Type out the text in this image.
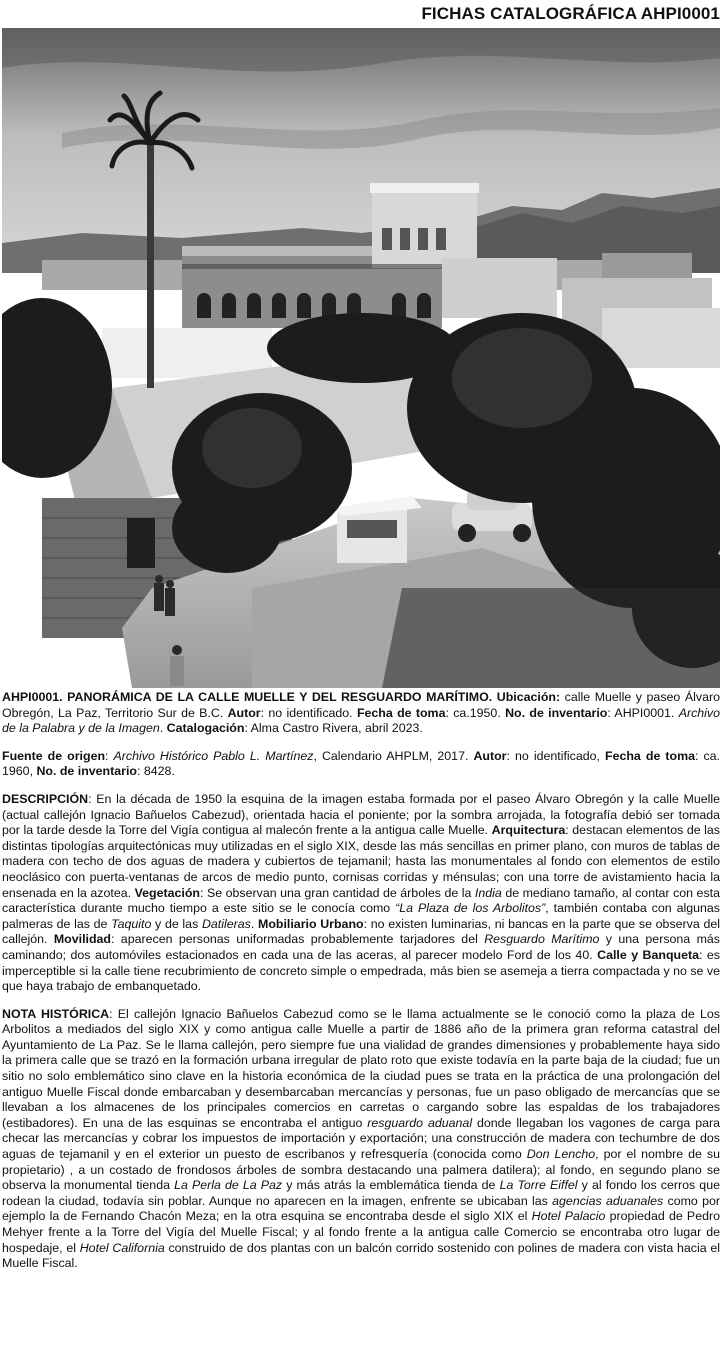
FICHAS CATALOGRÁFICA AHPI0001

AHPI0001. PANORÁMICA DE LA CALLE MUELLE Y DEL RESGUARDO MARÍTIMO. Ubicación: calle Muelle y paseo Álvaro Obregón, La Paz, Territorio Sur de B.C. Autor: no identificado. Fecha de toma: ca.1950. No. de inventario: AHPI0001. Archivo de la Palabra y de la Imagen. Catalogación: Alma Castro Rivera, abril 2023.

Fuente de origen: Archivo Histórico Pablo L. Martínez, Calendario AHPLM, 2017. Autor: no identificado, Fecha de toma: ca. 1960, No. de inventario: 8428.

DESCRIPCIÓN: En la década de 1950 la esquina de la imagen estaba formada por el paseo Álvaro Obregón y la calle Muelle (actual callejón Ignacio Bañuelos Cabezud), orientada hacia el poniente; por la sombra arrojada, la fotografía debió ser tomada por la tarde desde la Torre del Vigía contigua al malecón frente a la antigua calle Muelle. Arquitectura: destacan elementos de las distintas tipologías arquitectónicas muy utilizadas en el siglo XIX, desde las más sencillas en primer plano, con muros de tablas de madera con techo de dos aguas de madera y cubiertos de tejamanil; hasta las monumentales al fondo con elementos de estilo neoclásico con puerta-ventanas de arcos de medio punto, cornisas corridas y ménsulas; con una torre de avistamiento hacia la ensenada en la azotea. Vegetación: Se observan una gran cantidad de árboles de la India de mediano tamaño, al contar con esta característica durante mucho tiempo a este sitio se le conocía como “La Plaza de los Arbolitos”, también contaba con algunas palmeras de las de Taquito y de las Datileras. Mobiliario Urbano: no existen luminarias, ni bancas en la parte que se observa del callejón. Movilidad: aparecen personas uniformadas probablemente tarjadores del Resguardo Marítimo y una persona más caminando; dos automóviles estacionados en cada una de las aceras, al parecer modelo Ford de los 40. Calle y Banqueta: es imperceptible si la calle tiene recubrimiento de concreto simple o empedrada, más bien se asemeja a tierra compactada y no se ve que haya trabajo de embanquetado.

NOTA HISTÓRICA: El callejón Ignacio Bañuelos Cabezud como se le llama actualmente se le conoció como la plaza de Los Arbolitos a mediados del siglo XIX y como antigua calle Muelle a partir de 1886 año de la primera gran reforma catastral del Ayuntamiento de La Paz. Se le llama callejón, pero siempre fue una vialidad de grandes dimensiones y probablemente haya sido la primera calle que se trazó en la formación urbana irregular de plato roto que existe todavía en la parte baja de la ciudad; fue un sitio no solo emblemático sino clave en la historia económica de la ciudad pues se trata en la práctica de una prolongación del antiguo Muelle Fiscal donde embarcaban y desembarcaban mercancías y personas, fue un paso obligado de mercancías que se llevaban a los almacenes de los principales comercios en carretas o cargando sobre las espaldas de los trabajadores (estibadores). En una de las esquinas se encontraba el antiguo resguardo aduanal donde llegaban los vagones de carga para checar las mercancías y cobrar los impuestos de importación y exportación; una construcción de madera con techumbre de dos aguas de tejamanil y en el exterior un puesto de escribanos y refresquería (conocida como Don Lencho, por el nombre de su propietario) , a un costado de frondosos árboles de sombra destacando una palmera datilera); al fondo, en segundo plano se observa la monumental tienda La Perla de La Paz y más atrás la emblemática tienda de La Torre Eiffel y al fondo los cerros que rodean la ciudad, todavía sin poblar. Aunque no aparecen en la imagen, enfrente se ubicaban las agencias aduanales como por ejemplo la de Fernando Chacón Meza; en la otra esquina se encontraba desde el siglo XIX el Hotel Palacio propiedad de Pedro Mehyer frente a la Torre del Vigía del Muelle Fiscal; y al fondo frente a la antigua calle Comercio se encontraba otro lugar de hospedaje, el Hotel California construido de dos plantas con un balcón corrido sostenido con polines de madera con vista hacia el Muelle Fiscal.
